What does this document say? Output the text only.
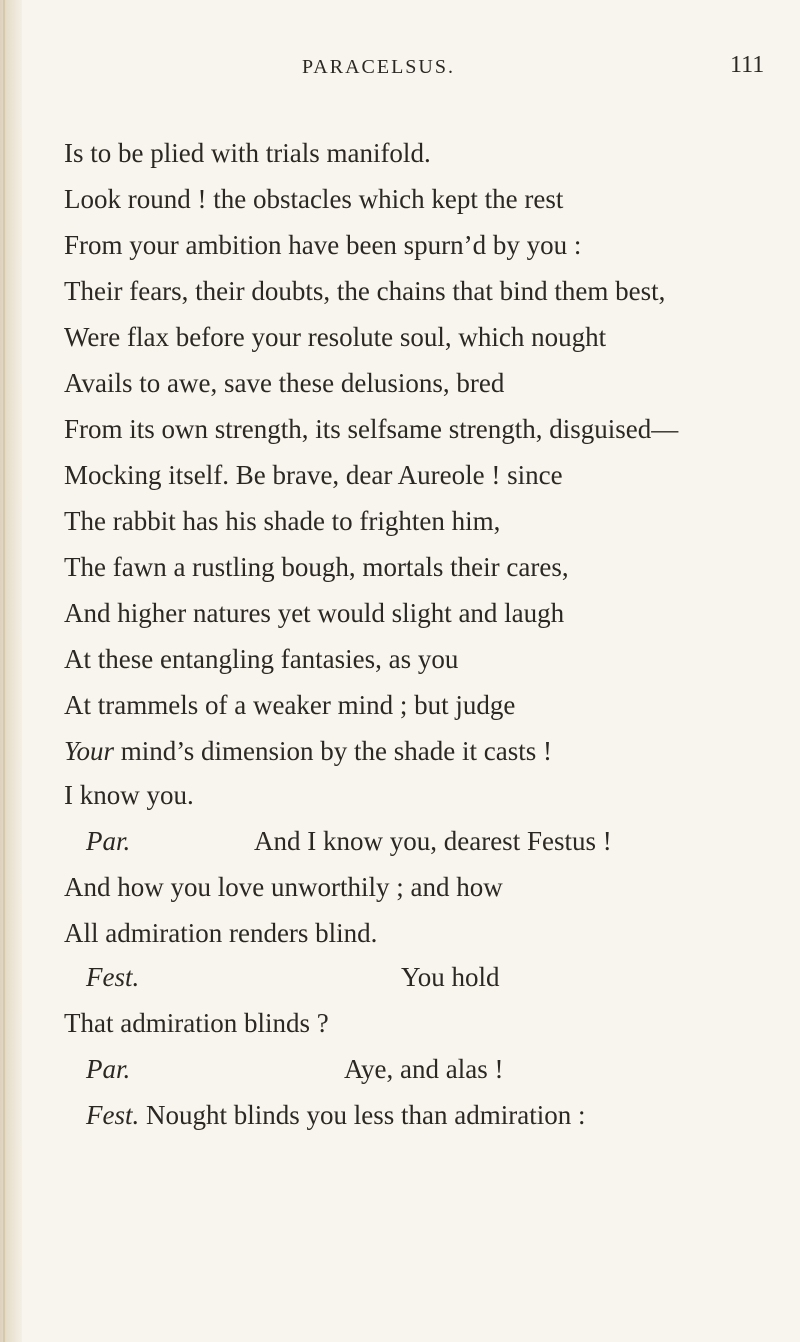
PARACELSUS.	111
Is to be plied with trials manifold.
Look round ! the obstacles which kept the rest
From your ambition have been spurn’d by you :
Their fears, their doubts, the chains that bind them best,
Were flax before your resolute soul, which nought
Avails to awe, save these delusions, bred
From its own strength, its selfsame strength, disguised—
Mocking itself. Be brave, dear Aureole ! since
The rabbit has his shade to frighten him,
The fawn a rustling bough, mortals their cares,
And higher natures yet would slight and laugh
At these entangling fantasies, as you
At trammels of a weaker mind ; but judge
Your mind’s dimension by the shade it casts !
I know you.
Par.	And I know you, dearest Festus !
And how you love unworthily ; and how
All admiration renders blind.
Fest.	You hold
That admiration blinds ?
Par.	Aye, and alas !
Fest. Nought blinds you less than admiration :
